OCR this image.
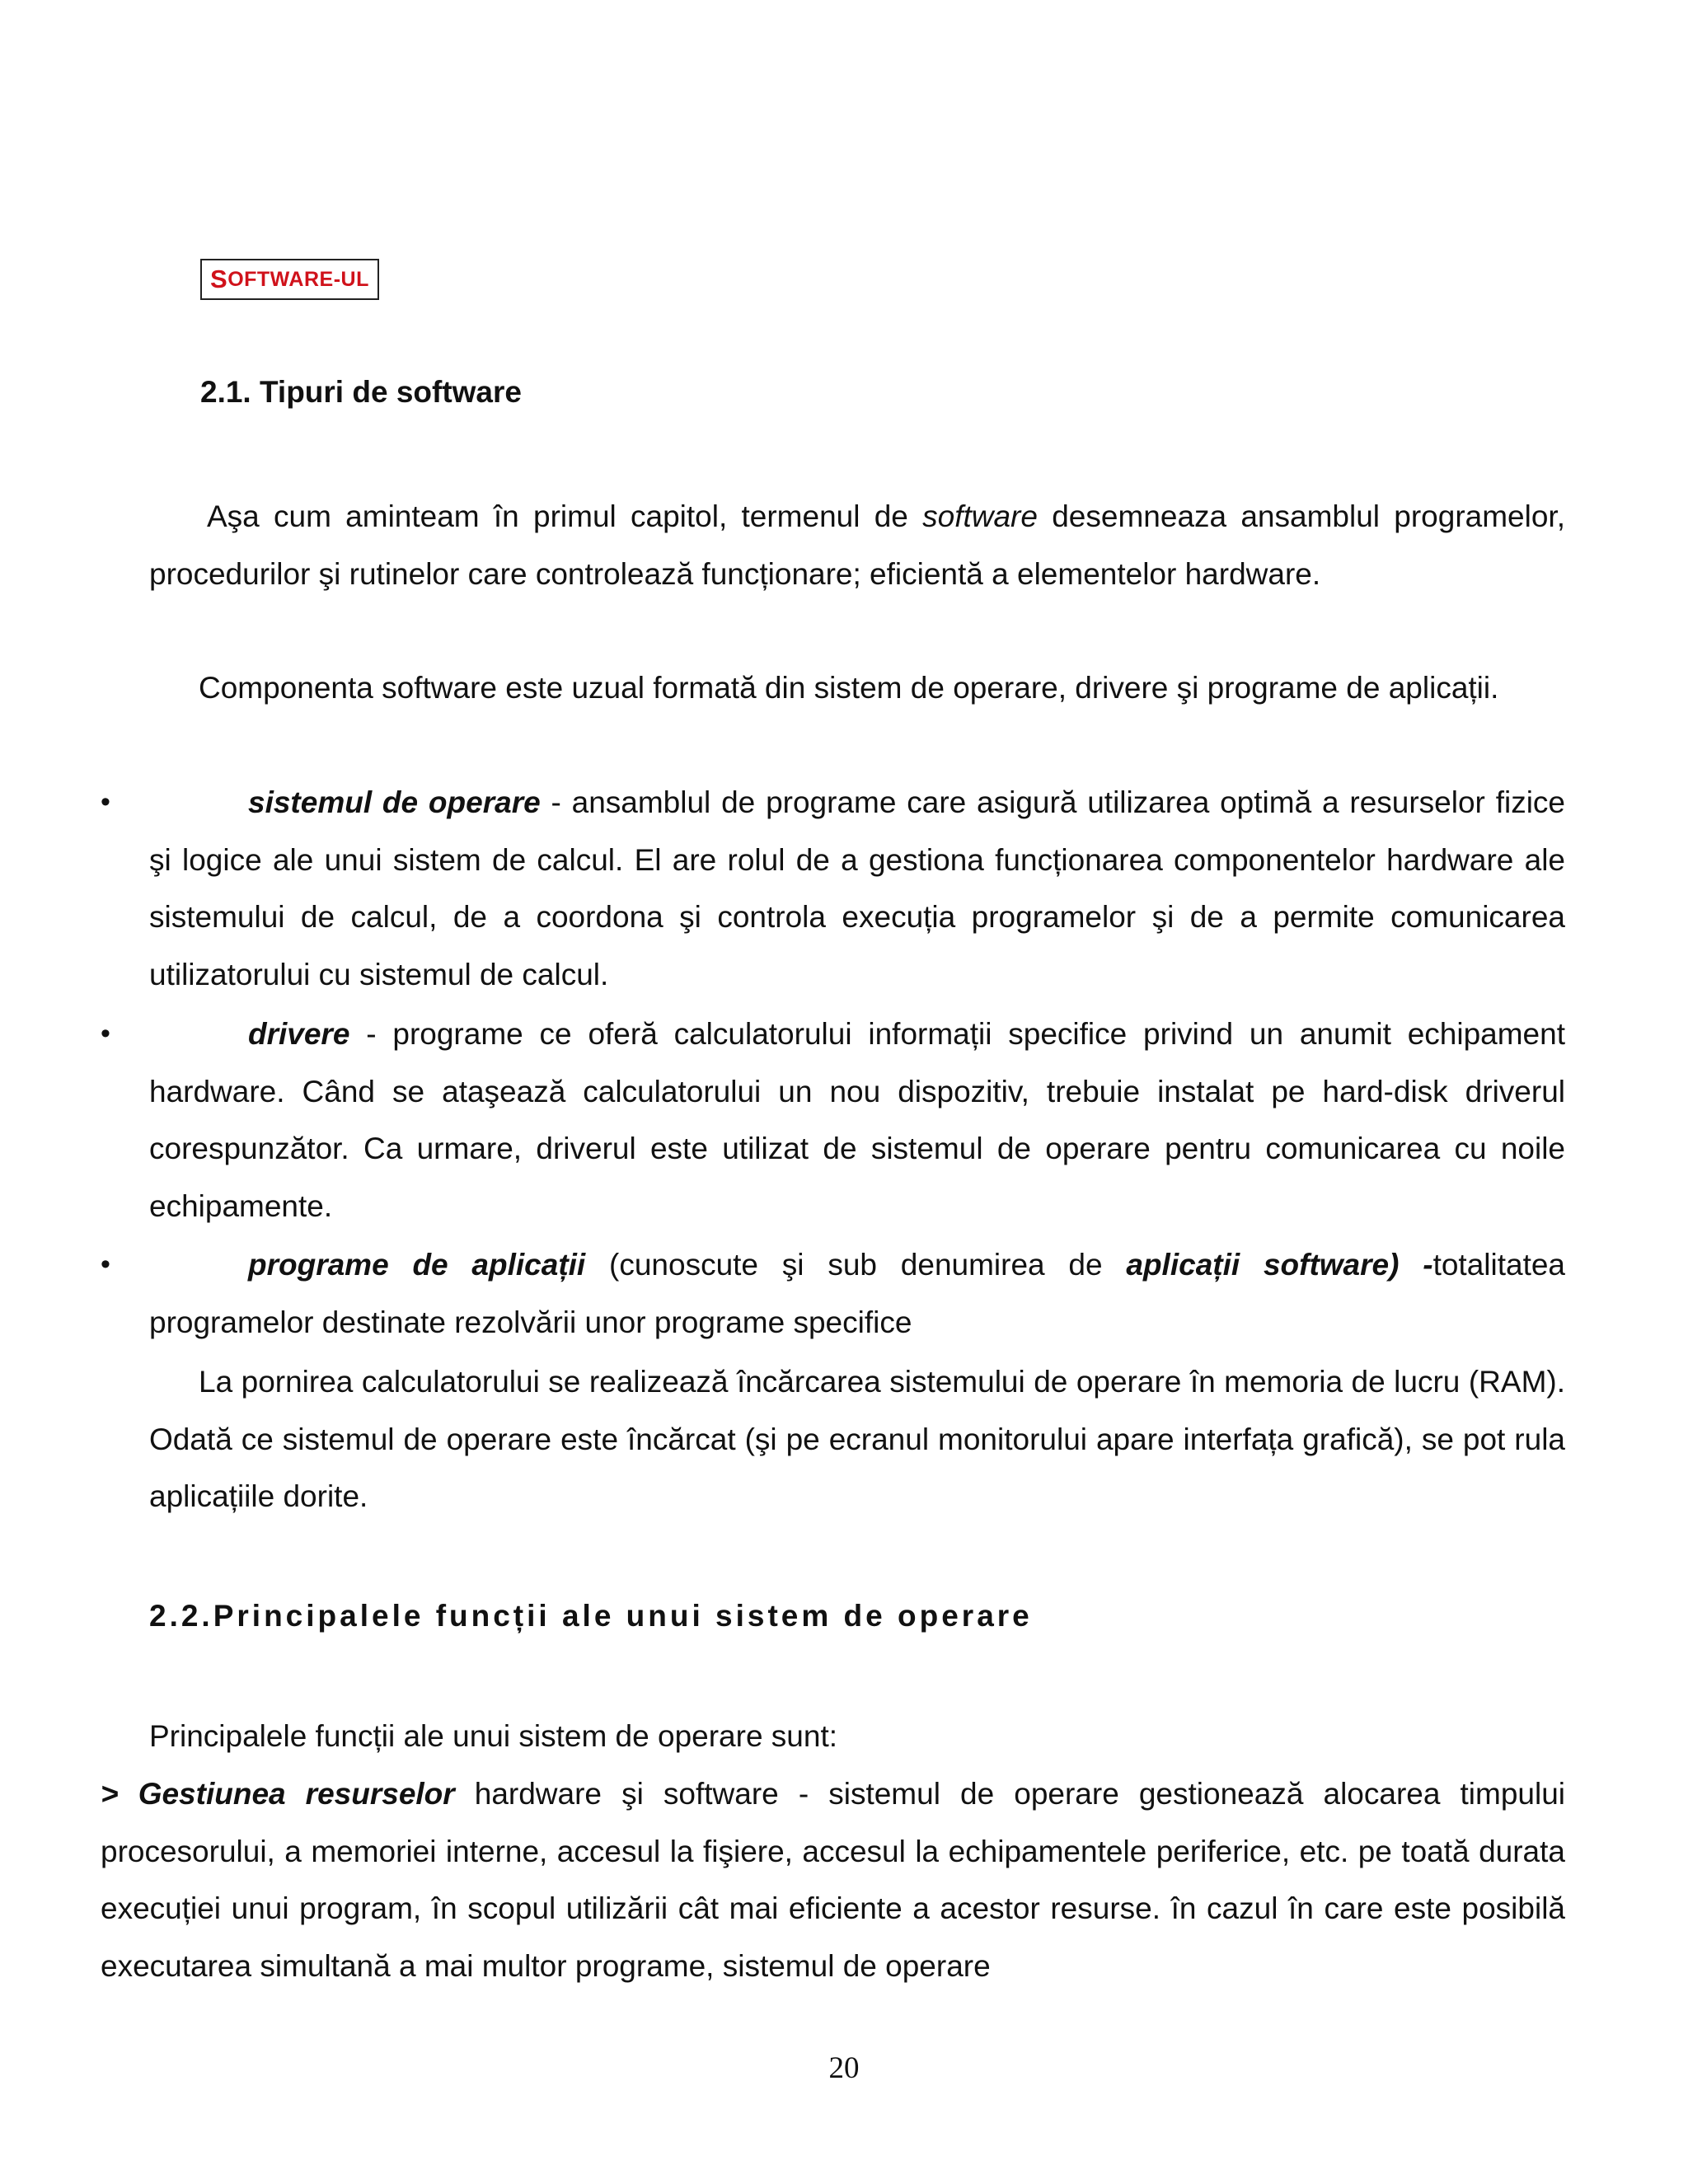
S OFTWARE - UL
2.1. Tipuri de software

Aşa cum aminteam în primul capitol, termenul de software desemneaza ansamblul programelor, procedurilor şi rutinelor care controlează funcționare; eficientă a elementelor hardware.

Componenta software este uzual formată din sistem de operare, drivere şi programe de aplicații.

•	sistemul de operare - ansamblul de programe care asigură utilizarea optimă a resurselor fizice şi logice ale unui sistem de calcul. El are rolul de a gestiona funcționarea componentelor hardware ale sistemului de calcul, de a coordona şi controla execuția programelor şi de a permite comunicarea utilizatorului cu sistemul de calcul.

•	drivere - programe ce oferă calculatorului informații specifice privind un anumit echipament hardware. Când se ataşează calculatorului un nou dispozitiv, trebuie instalat pe hard-disk driverul corespunzător. Ca urmare, driverul este utilizat de sistemul de operare pentru comunicarea cu noile echipamente.

•	programe de aplicații (cunoscute şi sub denumirea de aplicații software) -totalitatea programelor destinate rezolvării unor programe specifice

La pornirea calculatorului se realizează încărcarea sistemului de operare în memoria de lucru (RAM). Odată ce sistemul de operare este încărcat (şi pe ecranul monitorului apare interfața grafică), se pot rula aplicațiile dorite.

2.2.Principalele funcții ale unui sistem de operare

Principalele funcții ale unui sistem de operare sunt:

> Gestiunea resurselor hardware şi software - sistemul de operare gestionează alocarea timpului procesorului, a memoriei interne, accesul la fişiere, accesul la echipamentele periferice, etc. pe toată durata execuției unui program, în scopul utilizării cât mai eficiente a acestor resurse. în cazul în care este posibilă executarea simultană a mai multor programe, sistemul de operare

20
